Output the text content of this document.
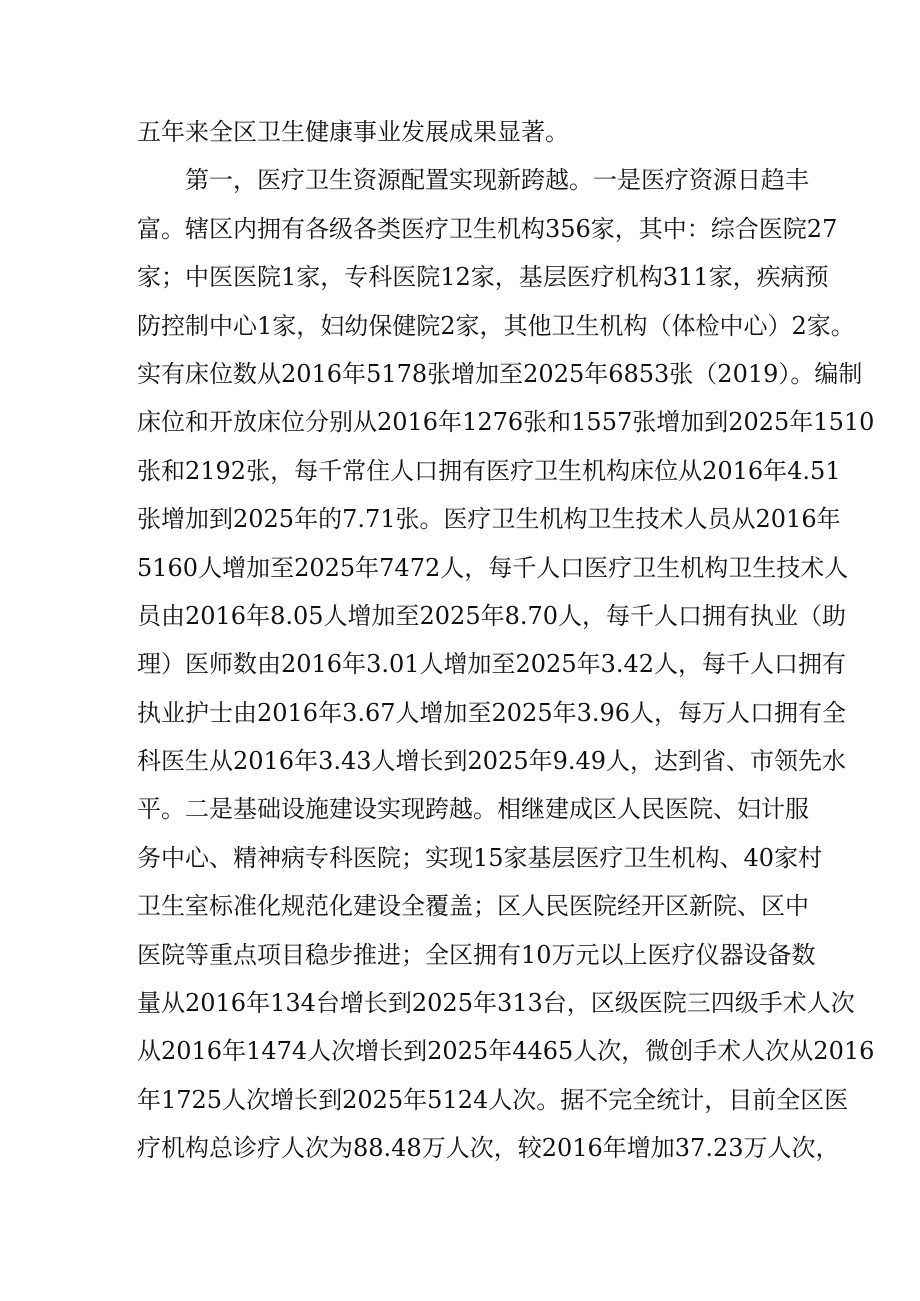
五年来全区卫生健康事业发展成果显著。
第一，医疗卫生资源配置实现新跨越。一是医疗资源日趋丰
富。辖区内拥有各级各类医疗卫生机构356家，其中：综合医院27
家；中医医院1家，专科医院12家，基层医疗机构311家，疾病预
防控制中心1家，妇幼保健院2家，其他卫生机构（体检中心）2家。
实有床位数从2016年5178张增加至2025年6853张（2019）。编制
床位和开放床位分别从2016年1276张和1557张增加到2025年1510
张和2192张，每千常住人口拥有医疗卫生机构床位从2016年4.51
张增加到2025年的7.71张。医疗卫生机构卫生技术人员从2016年
5160人增加至2025年7472人，每千人口医疗卫生机构卫生技术人
员由2016年8.05人增加至2025年8.70人，每千人口拥有执业（助
理）医师数由2016年3.01人增加至2025年3.42人，每千人口拥有
执业护士由2016年3.67人增加至2025年3.96人，每万人口拥有全
科医生从2016年3.43人增长到2025年9.49人，达到省、市领先水
平。二是基础设施建设实现跨越。相继建成区人民医院、妇计服
务中心、精神病专科医院；实现15家基层医疗卫生机构、40家村
卫生室标准化规范化建设全覆盖；区人民医院经开区新院、区中
医院等重点项目稳步推进；全区拥有10万元以上医疗仪器设备数
量从2016年134台增长到2025年313台，区级医院三四级手术人次
从2016年1474人次增长到2025年4465人次，微创手术人次从2016
年1725人次增长到2025年5124人次。据不完全统计，目前全区医
疗机构总诊疗人次为88.48万人次，较2016年增加37.23万人次，
